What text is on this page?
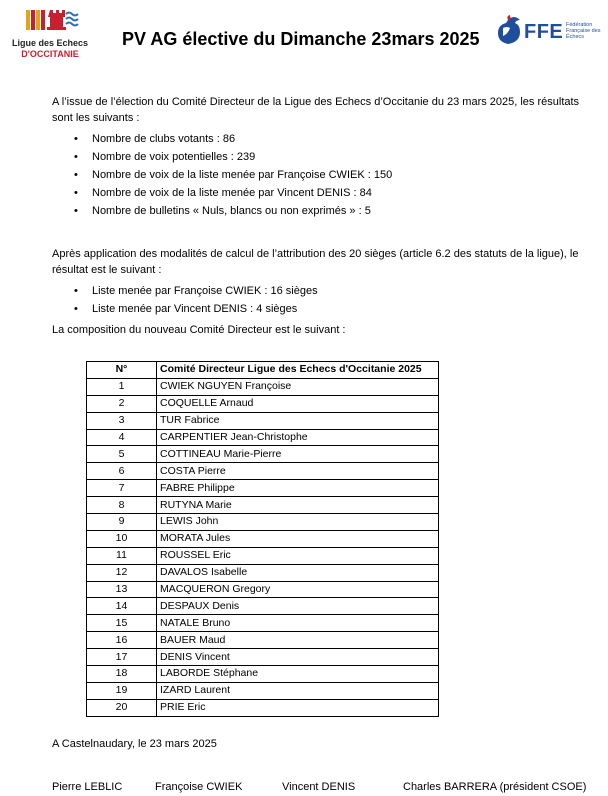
Ligue des Echecs
D'OCCITANIE
PV AG élective du Dimanche 23mars 2025 FFE Fédération Française des Échecs
A l’issue de l’élection du Comité Directeur de la Ligue des Echecs d’Occitanie du 23 mars 2025, les résultats sont les suivants :
• Nombre de clubs votants : 86
• Nombre de voix potentielles : 239
• Nombre de voix de la liste menée par Françoise CWIEK : 150
• Nombre de voix de la liste menée par Vincent DENIS : 84
• Nombre de bulletins « Nuls, blancs ou non exprimés » : 5
Après application des modalités de calcul de l’attribution des 20 sièges (article 6.2 des statuts de la ligue), le résultat est le suivant :
• Liste menée par Françoise CWIEK : 16 sièges
• Liste menée par Vincent DENIS : 4 sièges
La composition du nouveau Comité Directeur est le suivant :
N°	Comité Directeur Ligue des Echecs d'Occitanie 2025
1	CWIEK NGUYEN Françoise
2	COQUELLE Arnaud
3	TUR Fabrice
4	CARPENTIER Jean-Christophe
5	COTTINEAU Marie-Pierre
6	COSTA Pierre
7	FABRE Philippe
8	RUTYNA Marie
9	LEWIS John
10	MORATA Jules
11	ROUSSEL Eric
12	DAVALOS Isabelle
13	MACQUERON Gregory
14	DESPAUX Denis
15	NATALE Bruno
16	BAUER Maud
17	DENIS Vincent
18	LABORDE Stéphane
19	IZARD Laurent
20	PRIE Eric
A Castelnaudary, le 23 mars 2025
Pierre LEBLIC	Françoise CWIEK	Vincent DENIS	Charles BARRERA (président CSOE)
